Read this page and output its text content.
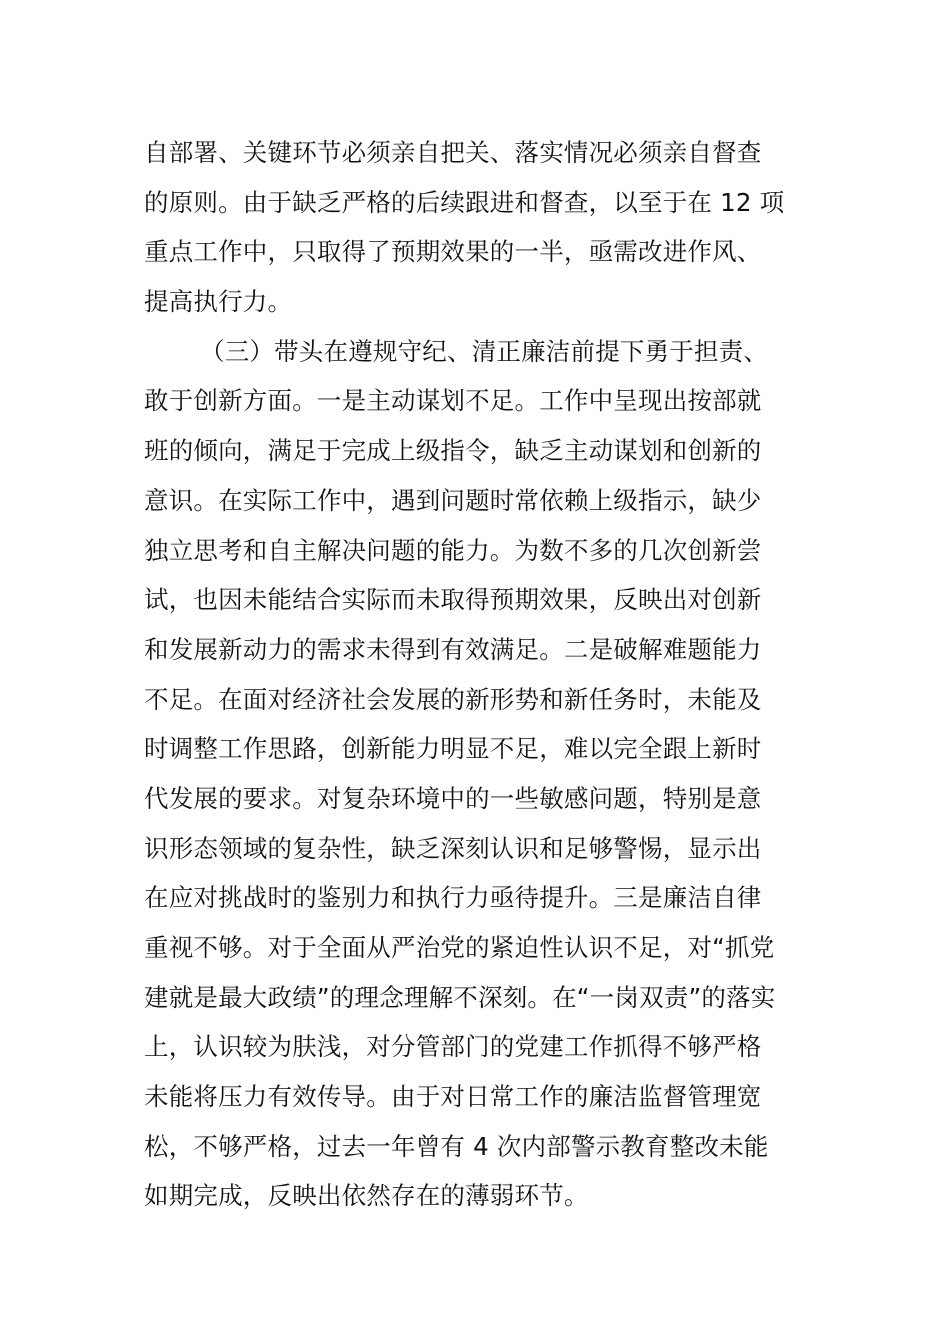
自部署、关键环节必须亲自把关、落实情况必须亲自督查
的原则。由于缺乏严格的后续跟进和督查，以至于在 12 项
重点工作中，只取得了预期效果的一半，亟需改进作风、
提高执行力。
（三）带头在遵规守纪、清正廉洁前提下勇于担责、
敢于创新方面。一是主动谋划不足。工作中呈现出按部就
班的倾向，满足于完成上级指令，缺乏主动谋划和创新的
意识。在实际工作中，遇到问题时常依赖上级指示，缺少
独立思考和自主解决问题的能力。为数不多的几次创新尝
试，也因未能结合实际而未取得预期效果，反映出对创新
和发展新动力的需求未得到有效满足。二是破解难题能力
不足。在面对经济社会发展的新形势和新任务时，未能及
时调整工作思路，创新能力明显不足，难以完全跟上新时
代发展的要求。对复杂环境中的一些敏感问题，特别是意
识形态领域的复杂性，缺乏深刻认识和足够警惕，显示出
在应对挑战时的鉴别力和执行力亟待提升。三是廉洁自律
重视不够。对于全面从严治党的紧迫性认识不足，对“抓党
建就是最大政绩”的理念理解不深刻。在“一岗双责”的落实
上，认识较为肤浅，对分管部门的党建工作抓得不够严格
未能将压力有效传导。由于对日常工作的廉洁监督管理宽
松，不够严格，过去一年曾有 4 次内部警示教育整改未能
如期完成，反映出依然存在的薄弱环节。
